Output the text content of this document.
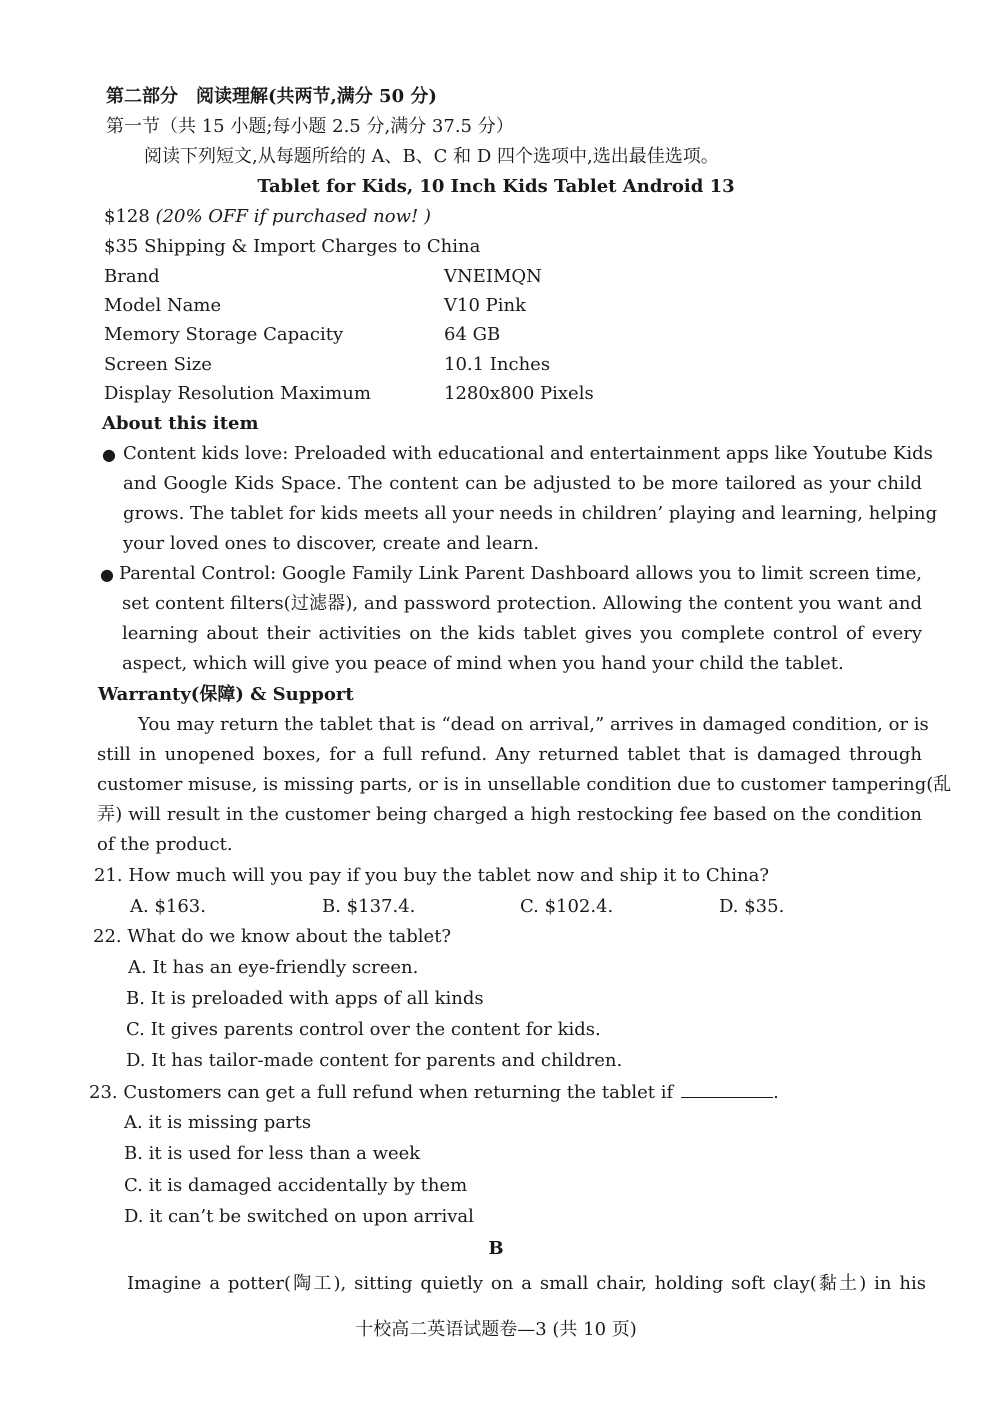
第二部分　阅读理解(共两节,满分 50 分)
第一节（共 15 小题;每小题 2.5 分,满分 37.5 分）
阅读下列短文,从每题所给的 A、B、C 和 D 四个选项中,选出最佳选项。
Tablet for Kids, 10 Inch Kids Tablet Android 13
$128 (20% OFF if purchased now! )
$35 Shipping & Import Charges to China
Brand	VNEIMQN
Model Name	V10 Pink
Memory Storage Capacity	64 GB
Screen Size	10.1 Inches
Display Resolution Maximum	1280x800 Pixels
About this item
● Content kids love: Preloaded with educational and entertainment apps like Youtube Kids
and Google Kids Space. The content can be adjusted to be more tailored as your child
grows. The tablet for kids meets all your needs in children’ playing and learning, helping
your loved ones to discover, create and learn.
● Parental Control: Google Family Link Parent Dashboard allows you to limit screen time,
set content filters(过滤器), and password protection. Allowing the content you want and
learning about their activities on the kids tablet gives you complete control of every
aspect, which will give you peace of mind when you hand your child the tablet.
Warranty(保障) & Support
You may return the tablet that is “dead on arrival,” arrives in damaged condition, or is
still in unopened boxes, for a full refund. Any returned tablet that is damaged through
customer misuse, is missing parts, or is in unsellable condition due to customer tampering(乱
弄) will result in the customer being charged a high restocking fee based on the condition
of the product.
21. How much will you pay if you buy the tablet now and ship it to China?
A. $163.	B. $137.4.	C. $102.4.	D. $35.
22. What do we know about the tablet?
A. It has an eye-friendly screen.
B. It is preloaded with apps of all kinds
C. It gives parents control over the content for kids.
D. It has tailor-made content for parents and children.
23. Customers can get a full refund when returning the tablet if	.
A. it is missing parts
B. it is used for less than a week
C. it is damaged accidentally by them
D. it can’t be switched on upon arrival
B
Imagine a potter(陶工), sitting quietly on a small chair, holding soft clay(黏土) in his
十校高二英语试题卷—3 (共 10 页)
